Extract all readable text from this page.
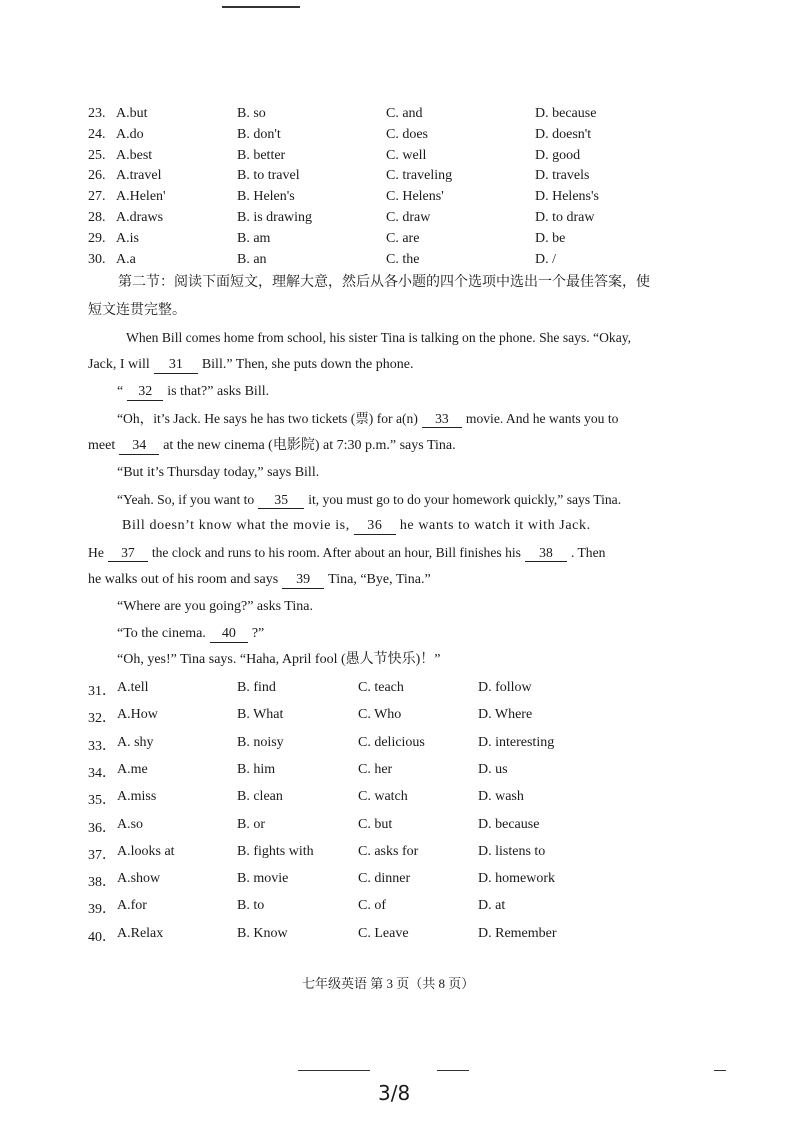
23. A.but	B. so	C. and	D. because
24. A.do	B. don't	C. does	D. doesn't
25. A.best	B. better	C. well	D. good
26. A.travel	B. to travel	C. traveling	D. travels
27. A.Helen'	B. Helen's	C. Helens'	D. Helens's
28. A.draws	B. is drawing	C. draw	D. to draw
29. A.is	B. am	C. are	D. be
30. A.a	B. an	C. the	D. /
第二节：阅读下面短文，理解大意，然后从各小题的四个选项中选出一个最佳答案，使
短文连贯完整。
When Bill comes home from school, his sister Tina is talking on the phone. She says. “Okay,
Jack, I will 31 Bill.” Then, she puts down the phone.
“ 32 is that?” asks Bill.
“Oh，it’s Jack. He says he has two tickets (票) for a(n) 33 movie. And he wants you to
meet 34 at the new cinema (电影院) at 7:30 p.m.” says Tina.
“But it’s Thursday today,” says Bill.
“Yeah. So, if you want to 35 it, you must go to do your homework quickly,” says Tina.
Bill doesn’t know what the movie is, 36 he wants to watch it with Jack.
He 37 the clock and runs to his room. After about an hour, Bill finishes his 38 . Then
he walks out of his room and says 39 Tina, “Bye, Tina.”
“Where are you going?” asks Tina.
“To the cinema. 40 ?”
“Oh, yes!” Tina says. “Haha, April fool (愚人节快乐)！”
31． A.tell	B. find	C. teach	D. follow
32． A.How	B. What	C. Who	D. Where
33． A. shy	B. noisy	C. delicious	D. interesting
34． A.me	B. him	C. her	D. us
35． A.miss	B. clean	C. watch	D. wash
36． A.so	B. or	C. but	D. because
37． A.looks at	B. fights with	C. asks for	D. listens to
38． A.show	B. movie	C. dinner	D. homework
39． A.for	B. to	C. of	D. at
40． A.Relax	B. Know	C. Leave	D. Remember
七年级英语 第 3 页（共 8 页）
3/8
